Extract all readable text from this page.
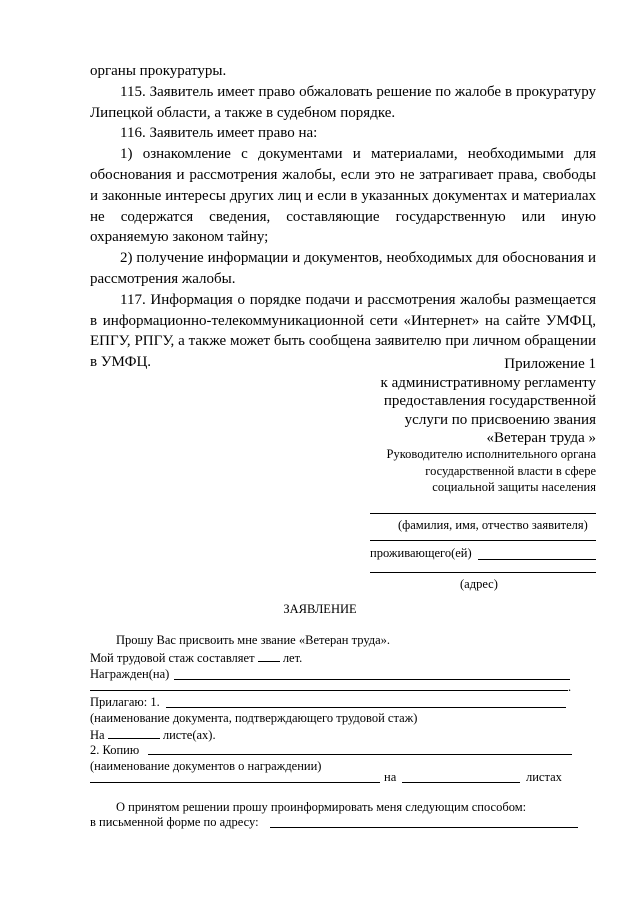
органы прокуратуры.

115. Заявитель имеет право обжаловать решение по жалобе в прокуратуру Липецкой области, а также в судебном порядке.

116. Заявитель имеет право на:

1) ознакомление с документами и материалами, необходимыми для обоснования и рассмотрения жалобы, если это не затрагивает права, свободы и законные интересы других лиц и если в указанных документах и материалах не содержатся сведения, составляющие государственную или иную охраняемую законом тайну;

2) получение информации и документов, необходимых для обоснования и рассмотрения жалобы.

117. Информация о порядке подачи и рассмотрения жалобы размещается в информационно-телекоммуникационной сети «Интернет» на сайте УМФЦ, ЕПГУ, РПГУ, а также может быть сообщена заявителю при личном обращении в УМФЦ.	Приложение 1
к административному регламенту
предоставления государственной
услуги по присвоению звания
«Ветеран труда »
Руководителю исполнительного органа
государственной власти в сфере
социальной защиты населения
(фамилия, имя, отчество заявителя)
проживающего(ей)
(адрес)
ЗАЯВЛЕНИЕ
Прошу Вас присвоить мне звание «Ветеран труда».
Мой трудовой стаж составляет лет.
Награжден(на)
.
Прилагаю: 1.
(наименование документа, подтверждающего трудовой стаж)
На	листе(ах).
2. Копию
(наименование документов о награждении)
на	листах
О принятом решении прошу проинформировать меня следующим способом:
в письменной форме по адресу:
